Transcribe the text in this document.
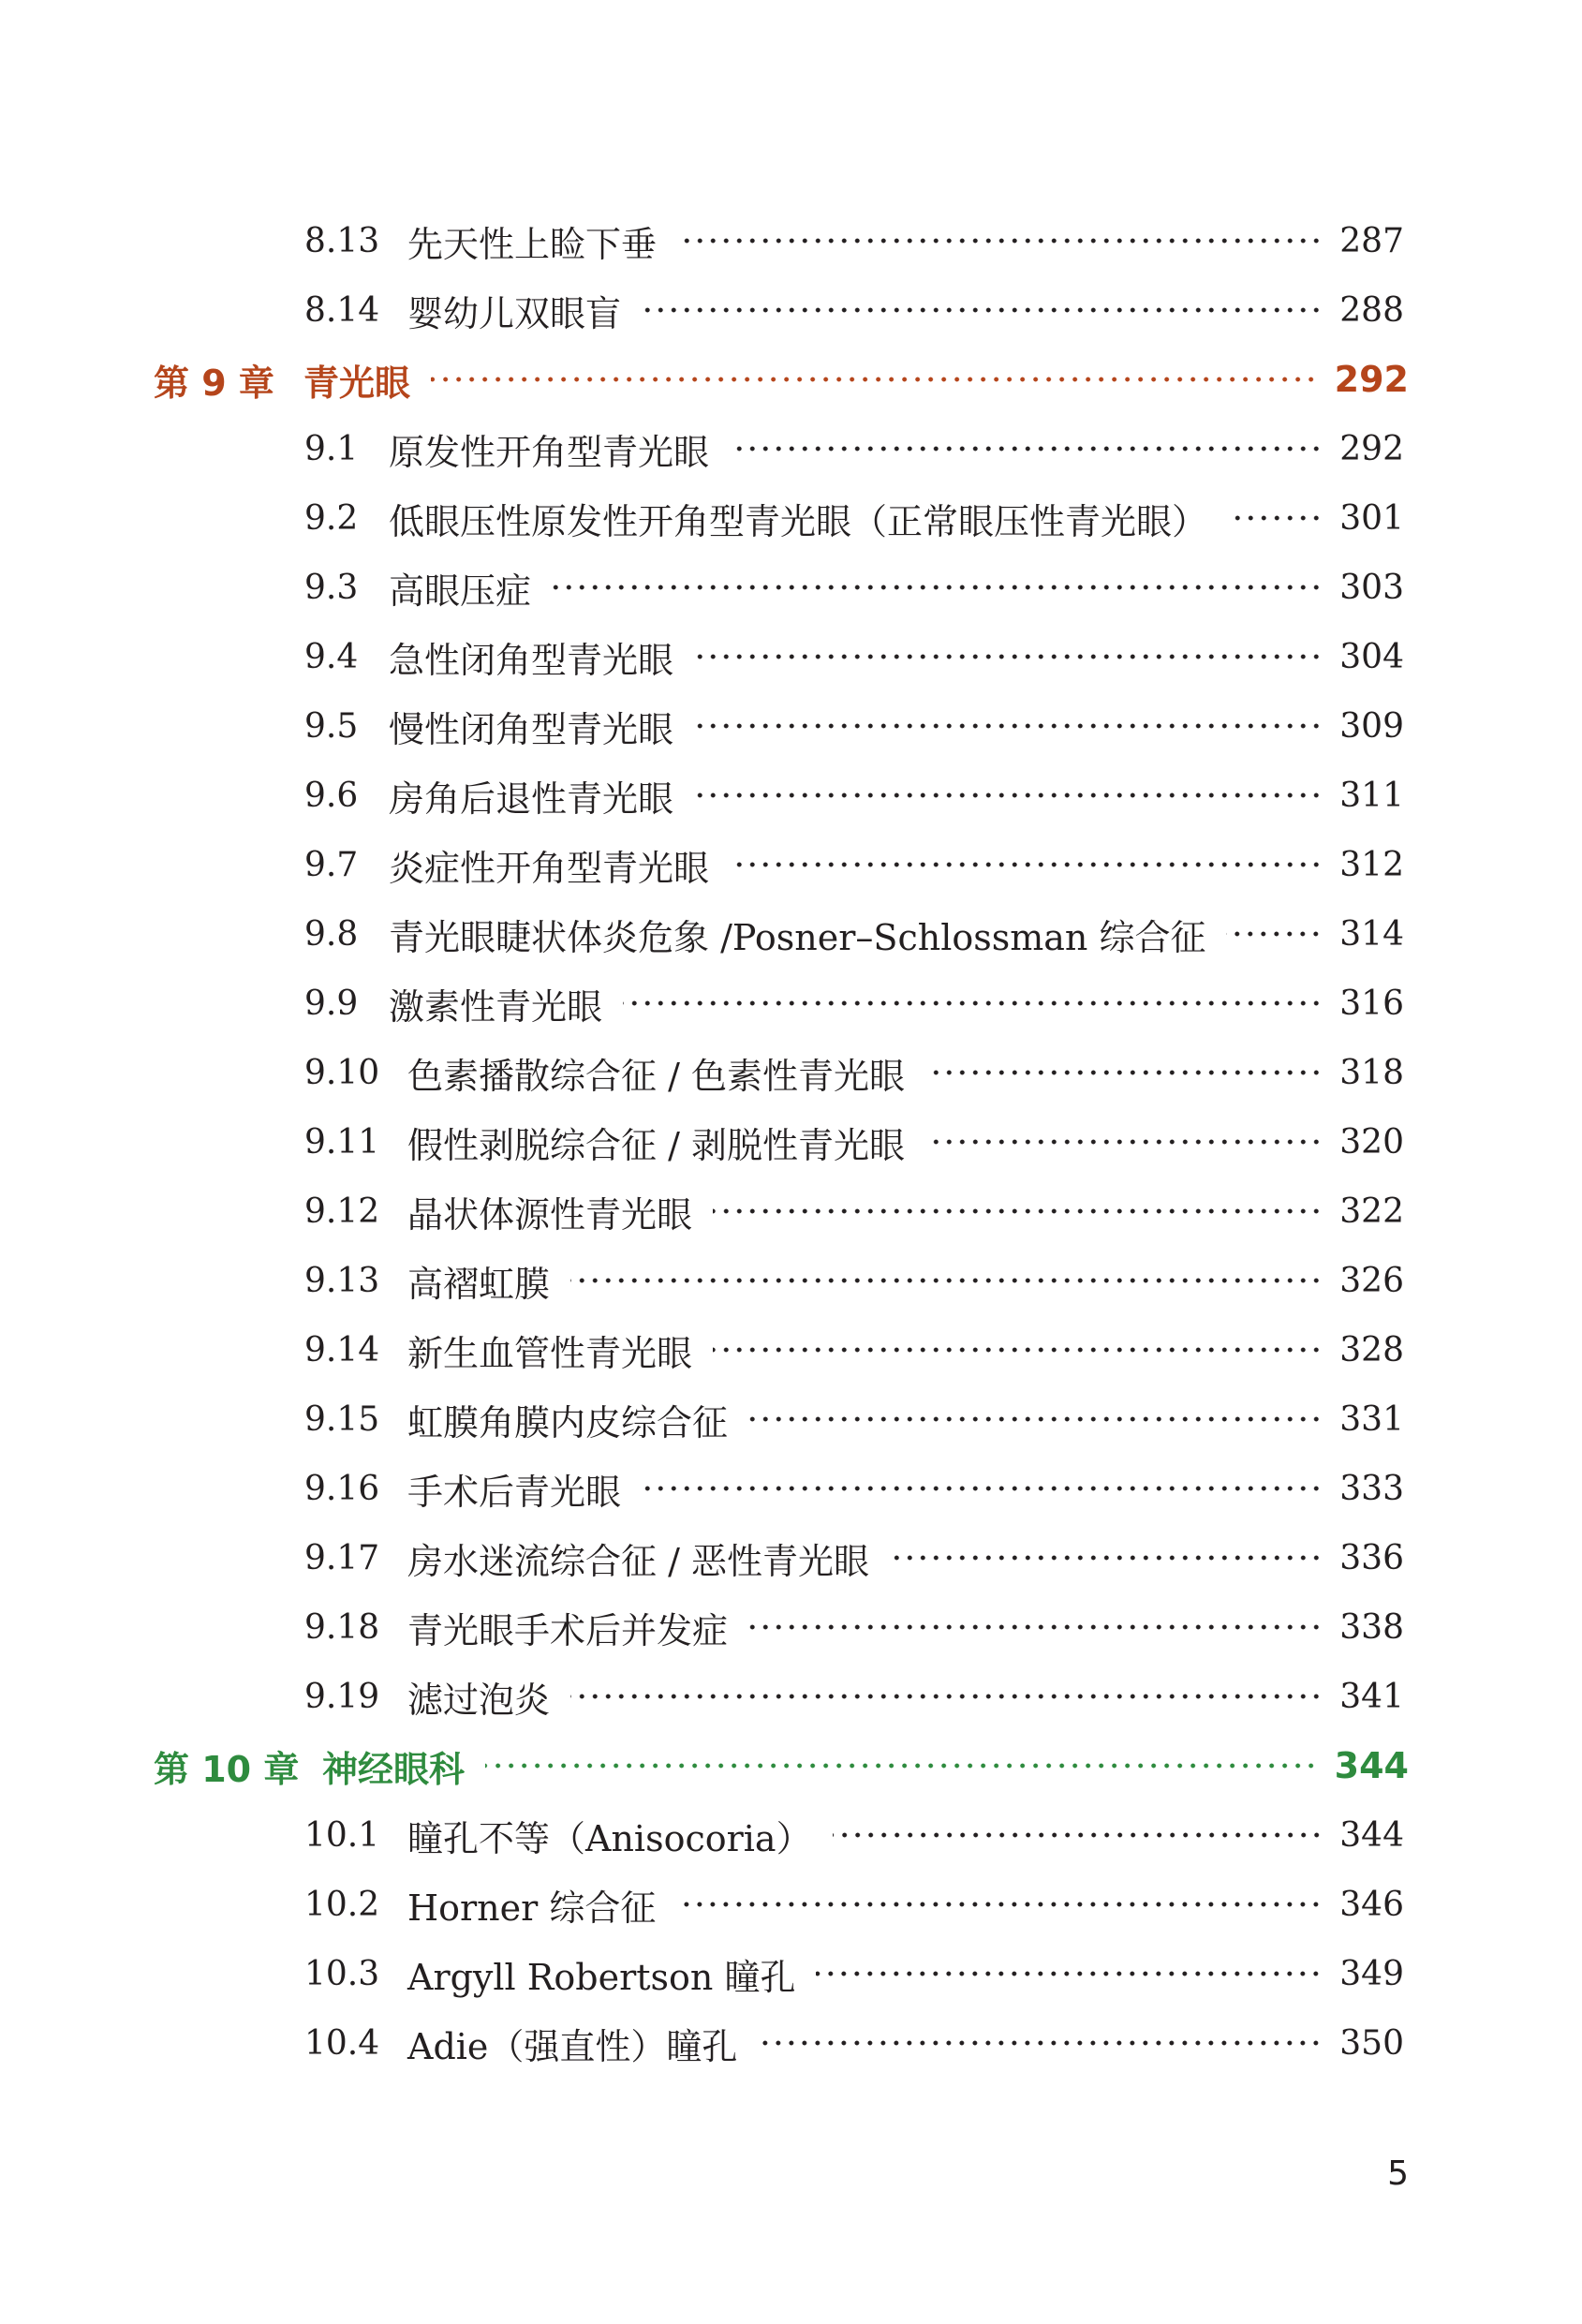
8.13 先天性上睑下垂	287
8.14 婴幼儿双眼盲	288
第 9 章 青光眼	292
9.1 原发性开角型青光眼	292
9.2 低眼压性原发性开角型青光眼（正常眼压性青光眼）	301
9.3 高眼压症	303
9.4 急性闭角型青光眼	304
9.5 慢性闭角型青光眼	309
9.6 房角后退性青光眼	311
9.7 炎症性开角型青光眼	312
9.8 青光眼睫状体炎危象 /Posner–Schlossman 综合征	314
9.9 激素性青光眼	316
9.10 色素播散综合征 / 色素性青光眼	318
9.11 假性剥脱综合征 / 剥脱性青光眼	320
9.12 晶状体源性青光眼	322
9.13 高褶虹膜	326
9.14 新生血管性青光眼	328
9.15 虹膜角膜内皮综合征	331
9.16 手术后青光眼	333
9.17 房水迷流综合征 / 恶性青光眼	336
9.18 青光眼手术后并发症	338
9.19 滤过泡炎	341
第 10 章 神经眼科	344
10.1 瞳孔不等（Anisocoria）	344
10.2 Horner 综合征	346
10.3 Argyll Robertson 瞳孔	349
10.4 Adie（强直性）瞳孔	350
5
